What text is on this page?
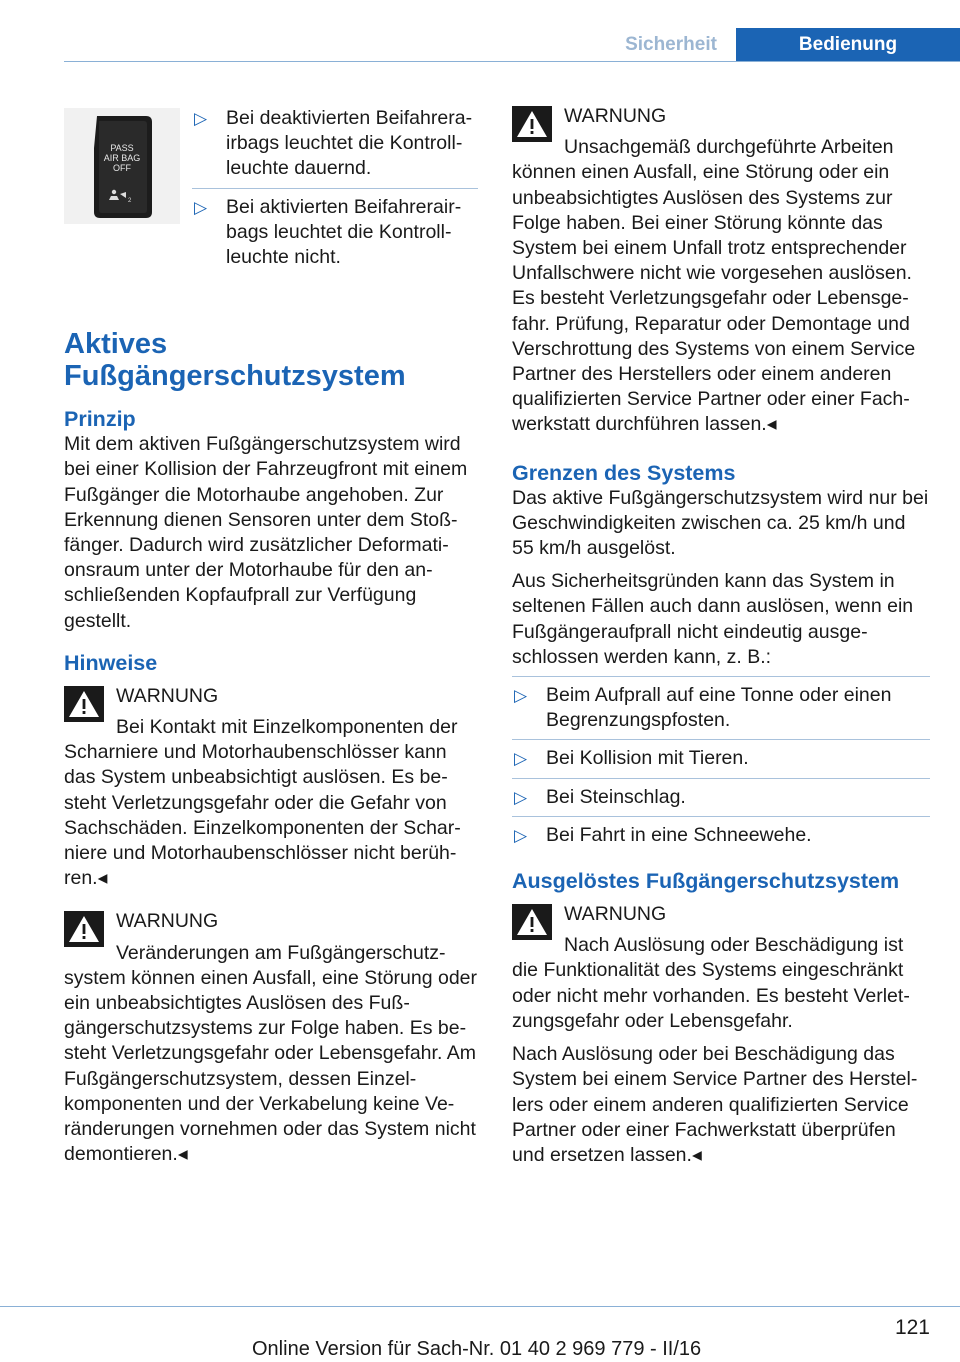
Sicherheit	Bedienung
PASS
AIR BAG
OFF
2
▷ Bei deaktivierten Beifahrerairbags leuchtet die Kontrollleuchte dauernd.
▷ Bei aktivierten Beifahrerairbags leuchtet die Kontrollleuchte nicht.
Aktives
Fußgängerschutzsystem
Prinzip

Mit dem aktiven Fußgängerschutzsystem wird bei einer Kollision der Fahrzeugfront mit einem Fußgänger die Motorhaube angehoben. Zur Erkennung dienen Sensoren unter dem Stoßfänger. Dadurch wird zusätzlicher Deformationsraum unter der Motorhaube für den anschließenden Kopfaufprall zur Verfügung gestellt.

Hinweise
WARNUNG
Bei Kontakt mit Einzelkomponenten der

Scharniere und Motorhaubenschlösser kann das System unbeabsichtigt auslösen. Es besteht Verletzungsgefahr oder die Gefahr von Sachschäden. Einzelkomponenten der Scharniere und Motorhaubenschlösser nicht berühren.◂

WARNUNG
Veränderungen am Fußgängerschutz-

system können einen Ausfall, eine Störung oder ein unbeabsichtigtes Auslösen des Fußgängerschutzsystems zur Folge haben. Es besteht Verletzungsgefahr oder Lebensgefahr. Am Fußgängerschutzsystem, dessen Einzelkomponenten und der Verkabelung keine Veränderungen vornehmen oder das System nicht demontieren.◂

WARNUNG
Unsachgemäß durchgeführte Arbeiten

können einen Ausfall, eine Störung oder ein unbeabsichtigtes Auslösen des Systems zur Folge haben. Bei einer Störung könnte das System bei einem Unfall trotz entsprechender Unfallschwere nicht wie vorgesehen auslösen. Es besteht Verletzungsgefahr oder Lebensgefahr. Prüfung, Reparatur oder Demontage und Verschrottung des Systems von einem Service Partner des Herstellers oder einem anderen qualifizierten Service Partner oder einer Fachwerkstatt durchführen lassen.◂

Grenzen des Systems

Das aktive Fußgängerschutzsystem wird nur bei Geschwindigkeiten zwischen ca. 25 km/h und 55 km/h ausgelöst.

Aus Sicherheitsgründen kann das System in seltenen Fällen auch dann auslösen, wenn ein Fußgängeraufprall nicht eindeutig ausgeschlossen werden kann, z. B.:

▷ Beim Aufprall auf eine Tonne oder einen Begrenzungspfosten.
▷ Bei Kollision mit Tieren.
▷ Bei Steinschlag.
▷ Bei Fahrt in eine Schneewehe.
Ausgelöstes Fußgängerschutzsystem
WARNUNG
Nach Auslösung oder Beschädigung ist

die Funktionalität des Systems eingeschränkt oder nicht mehr vorhanden. Es besteht Verletzungsgefahr oder Lebensgefahr.

Nach Auslösung oder bei Beschädigung das System bei einem Service Partner des Herstellers oder einem anderen qualifizierten Service Partner oder einer Fachwerkstatt überprüfen und ersetzen lassen.◂

121
Online Version für Sach-Nr. 01 40 2 969 779 - II/16
